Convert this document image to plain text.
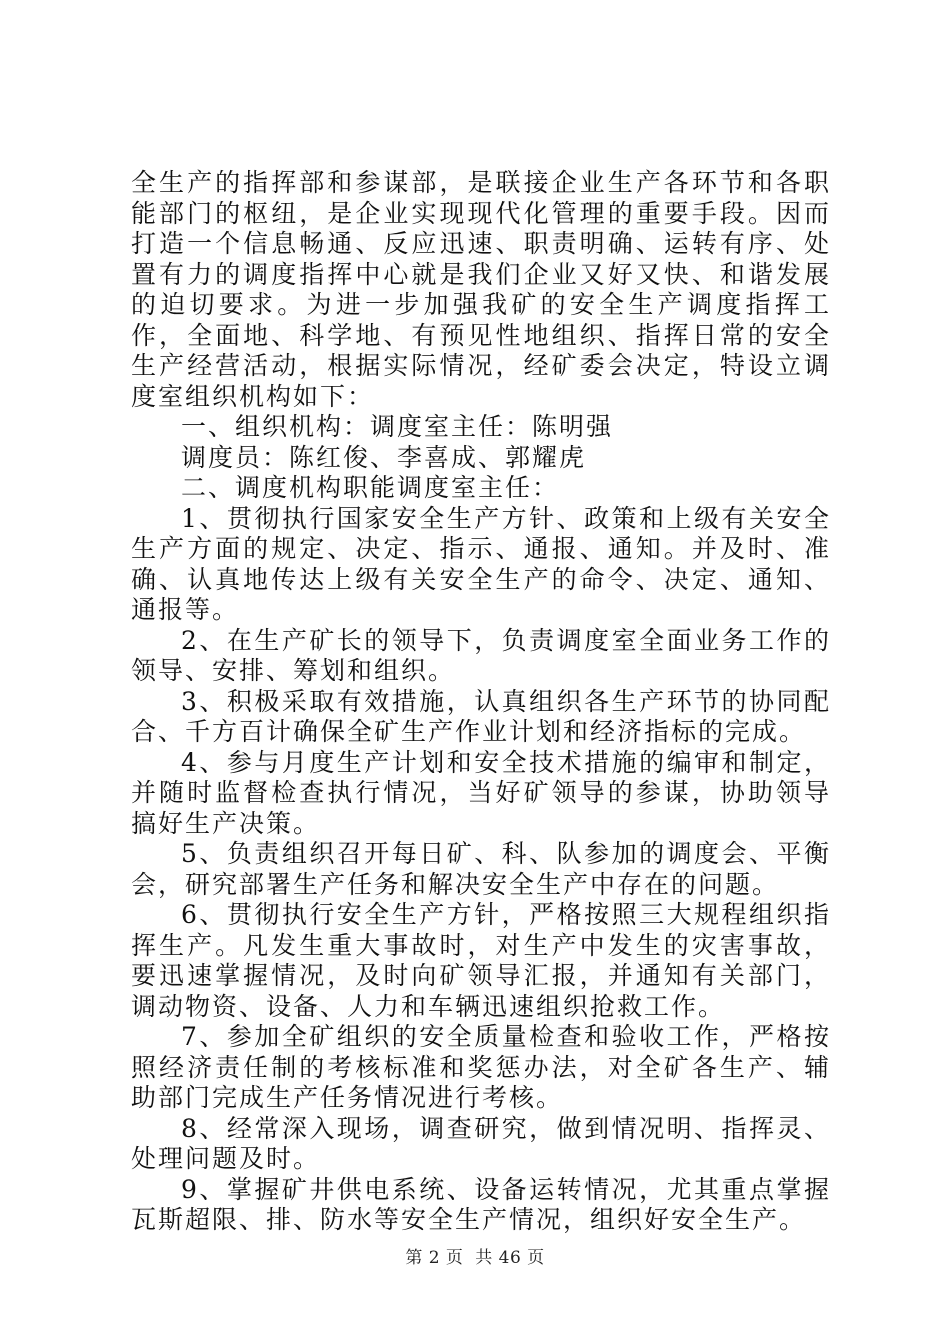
全生产的指挥部和参谋部，是联接企业生产各环节和各职能部门的枢纽，是企业实现现代化管理的重要手段。因而打造一个信息畅通、反应迅速、职责明确、运转有序、处置有力的调度指挥中心就是我们企业又好又快、和谐发展的迫切要求。为进一步加强我矿的安全生产调度指挥工作，全面地、科学地、有预见性地组织、指挥日常的安全生产经营活动，根据实际情况，经矿委会决定，特设立调度室组织机构如下：

一、组织机构：调度室主任：陈明强

调度员：陈红俊、李喜成、郭耀虎

二、调度机构职能调度室主任：

1、贯彻执行国家安全生产方针、政策和上级有关安全生产方面的规定、决定、指示、通报、通知。并及时、准确、认真地传达上级有关安全生产的命令、决定、通知、通报等。

2、在生产矿长的领导下，负责调度室全面业务工作的领导、安排、筹划和组织。

3、积极采取有效措施，认真组织各生产环节的协同配合、千方百计确保全矿生产作业计划和经济指标的完成。

4、参与月度生产计划和安全技术措施的编审和制定，并随时监督检查执行情况，当好矿领导的参谋，协助领导搞好生产决策。

5、负责组织召开每日矿、科、队参加的调度会、平衡会，研究部署生产任务和解决安全生产中存在的问题。

6、贯彻执行安全生产方针，严格按照三大规程组织指挥生产。凡发生重大事故时，对生产中发生的灾害事故，要迅速掌握情况，及时向矿领导汇报，并通知有关部门，调动物资、设备、人力和车辆迅速组织抢救工作。

7、参加全矿组织的安全质量检查和验收工作，严格按照经济责任制的考核标准和奖惩办法，对全矿各生产、辅助部门完成生产任务情况进行考核。

8、经常深入现场，调查研究，做到情况明、指挥灵、处理问题及时。

9、掌握矿井供电系统、设备运转情况，尤其重点掌握瓦斯超限、排、防水等安全生产情况，组织好安全生产。

第 2 页  共 46 页
